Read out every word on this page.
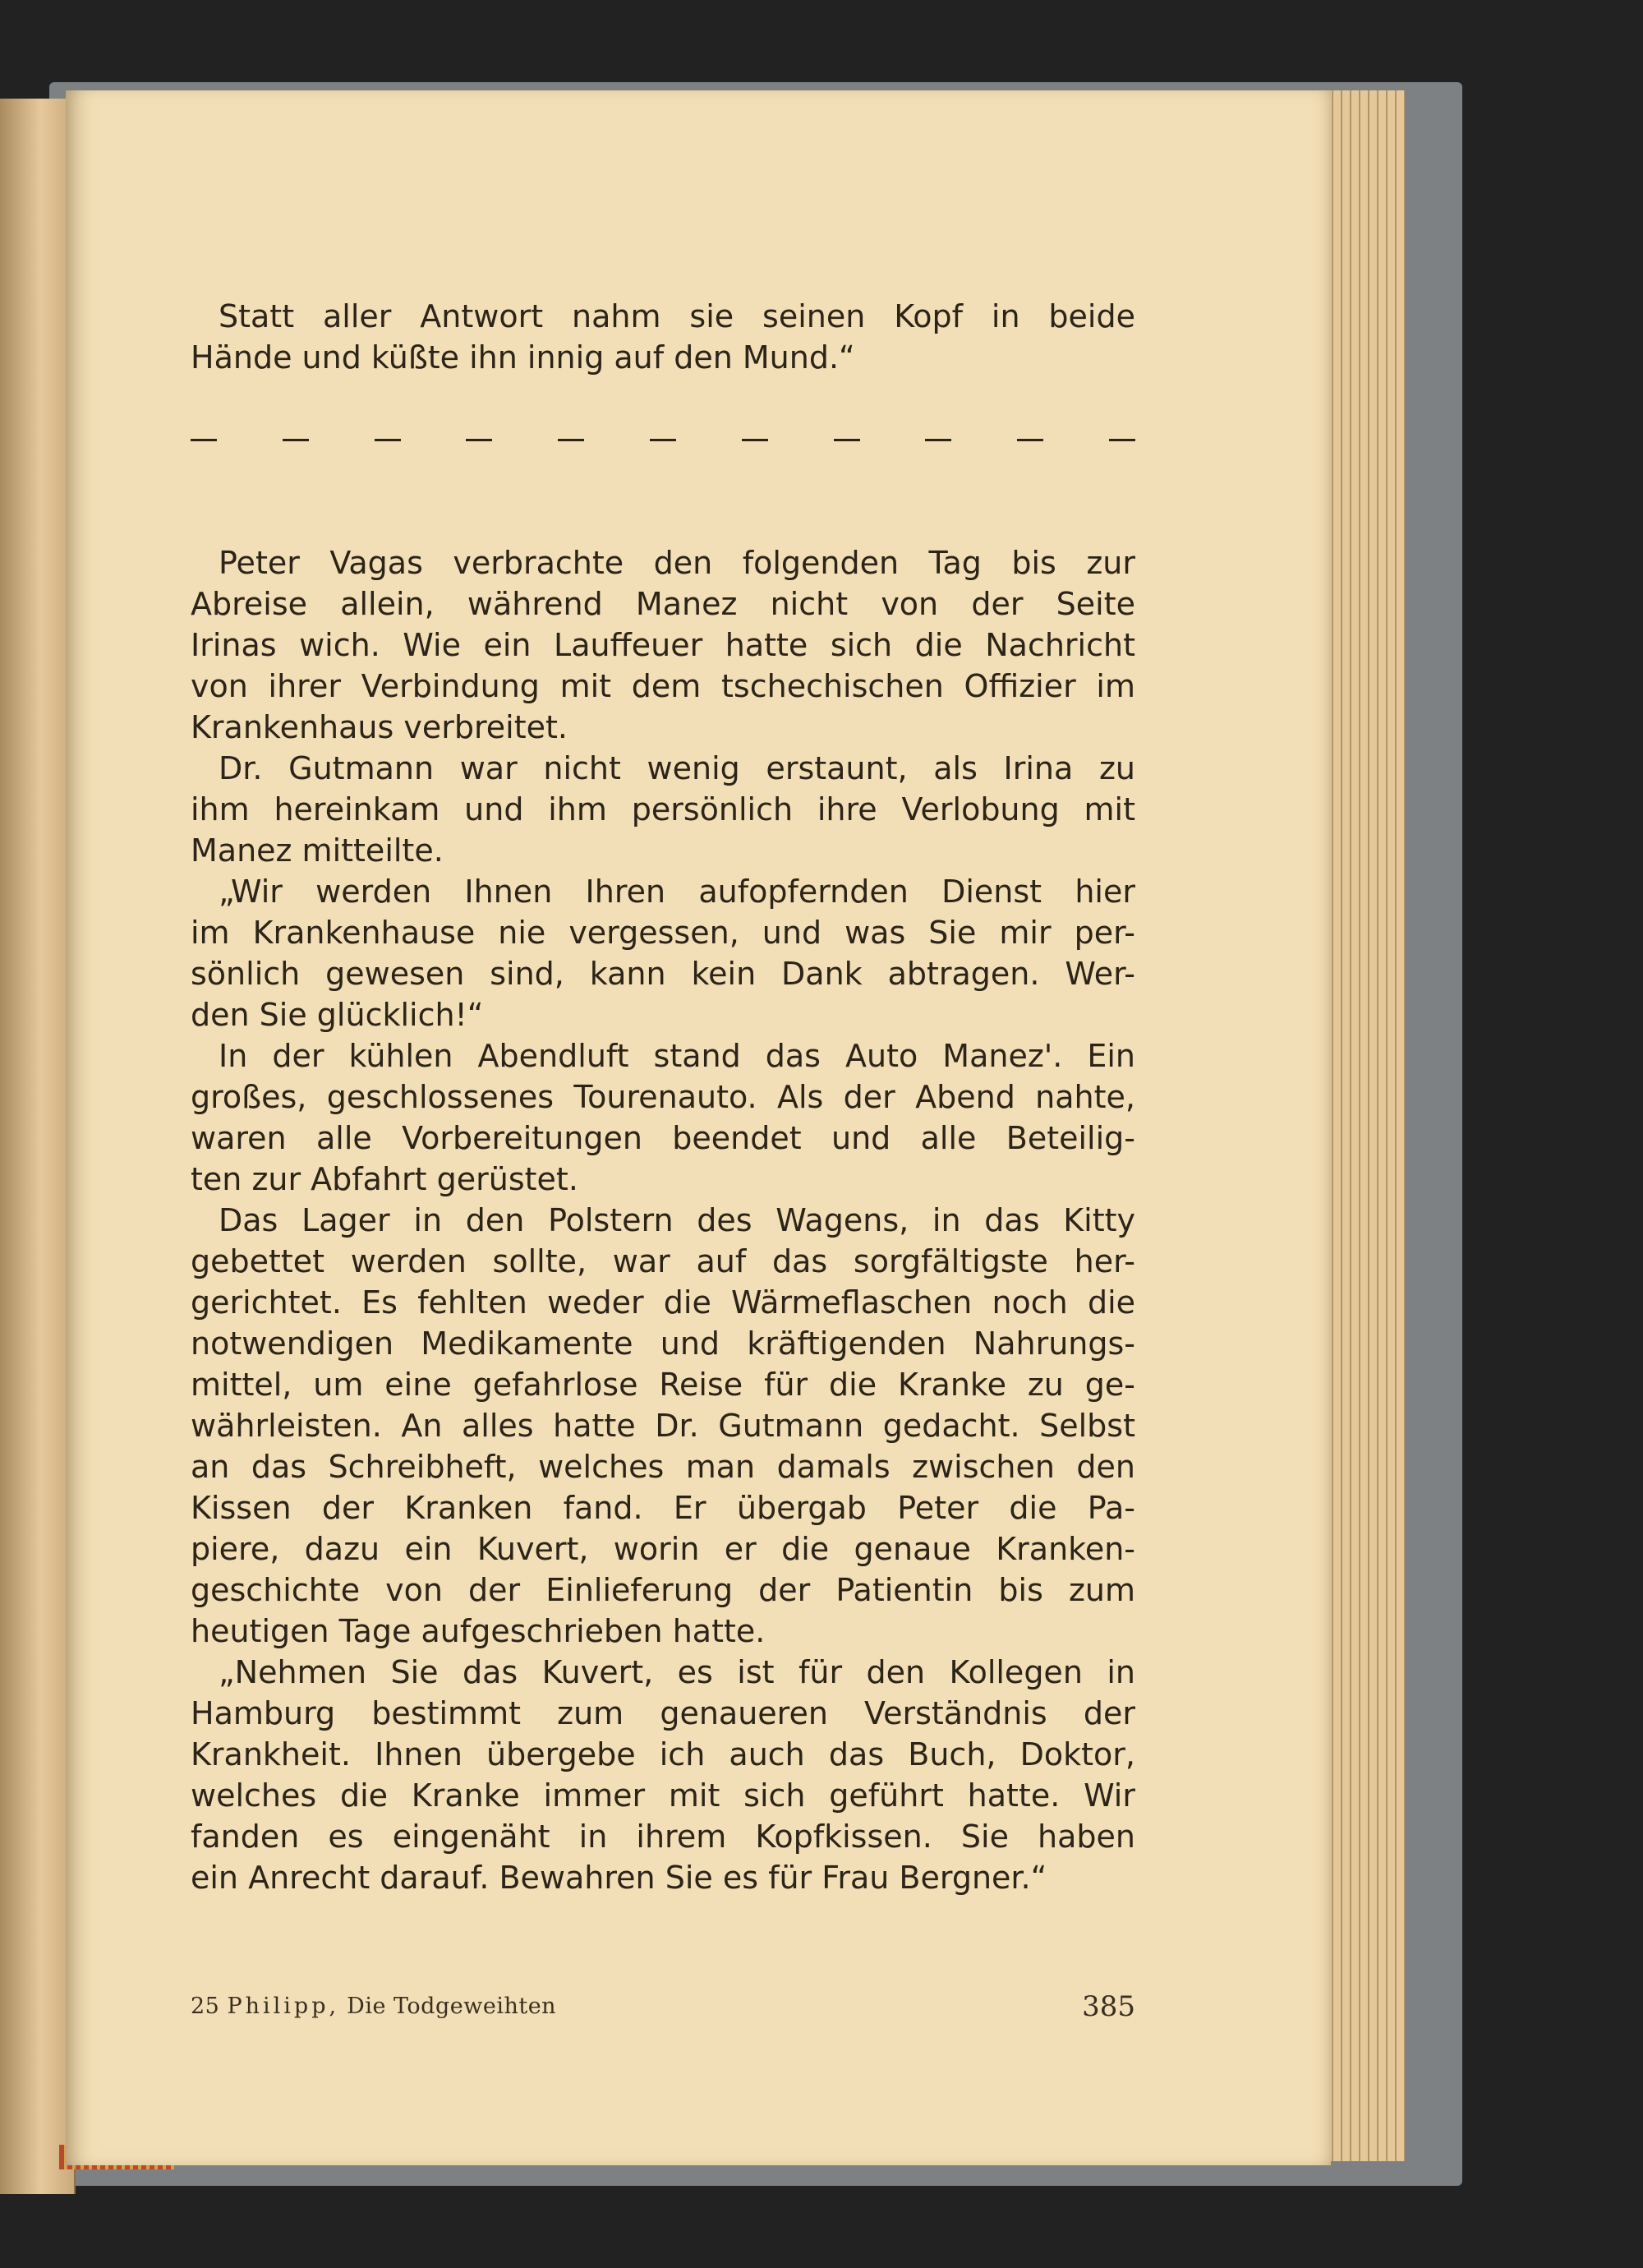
Statt aller Antwort nahm sie seinen Kopf in beide
Hände und küßte ihn innig auf den Mund.“
Peter Vagas verbrachte den folgenden Tag bis zur
Abreise allein, während Manez nicht von der Seite
Irinas wich. Wie ein Lauffeuer hatte sich die Nachricht
von ihrer Verbindung mit dem tschechischen Offizier im
Krankenhaus verbreitet.
Dr. Gutmann war nicht wenig erstaunt, als Irina zu
ihm hereinkam und ihm persönlich ihre Verlobung mit
Manez mitteilte.
„Wir werden Ihnen Ihren aufopfernden Dienst hier
im Krankenhause nie vergessen, und was Sie mir per-
sönlich gewesen sind, kann kein Dank abtragen. Wer-
den Sie glücklich!“
In der kühlen Abendluft stand das Auto Manez'. Ein
großes, geschlossenes Tourenauto. Als der Abend nahte,
waren alle Vorbereitungen beendet und alle Beteilig-
ten zur Abfahrt gerüstet.
Das Lager in den Polstern des Wagens, in das Kitty
gebettet werden sollte, war auf das sorgfältigste her-
gerichtet. Es fehlten weder die Wärmeflaschen noch die
notwendigen Medikamente und kräftigenden Nahrungs-
mittel, um eine gefahrlose Reise für die Kranke zu ge-
währleisten. An alles hatte Dr. Gutmann gedacht. Selbst
an das Schreibheft, welches man damals zwischen den
Kissen der Kranken fand. Er übergab Peter die Pa-
piere, dazu ein Kuvert, worin er die genaue Kranken-
geschichte von der Einlieferung der Patientin bis zum
heutigen Tage aufgeschrieben hatte.
„Nehmen Sie das Kuvert, es ist für den Kollegen in
Hamburg bestimmt zum genaueren Verständnis der
Krankheit. Ihnen übergebe ich auch das Buch, Doktor,
welches die Kranke immer mit sich geführt hatte. Wir
fanden es eingenäht in ihrem Kopfkissen. Sie haben
ein Anrecht darauf. Bewahren Sie es für Frau Bergner.“
25 Philipp, Die Todgeweihten	385
